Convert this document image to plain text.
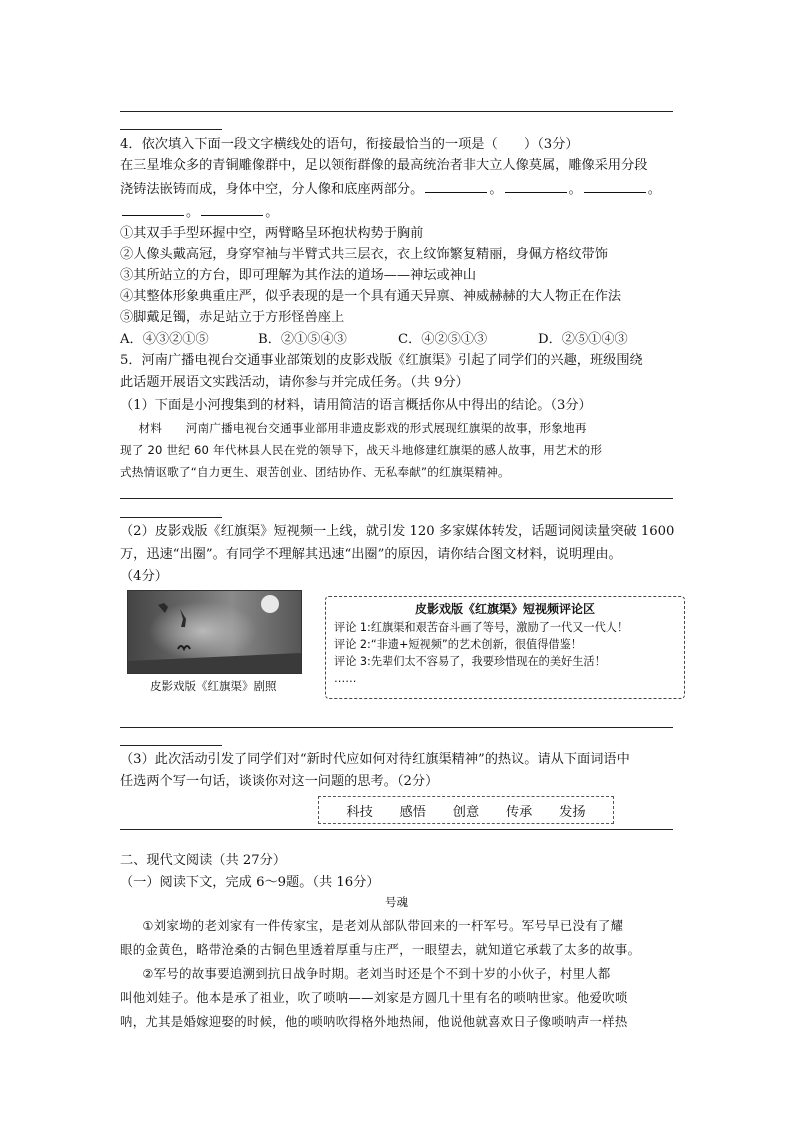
4．依次填入下面一段文字横线处的语句，衔接最恰当的一项是（　　）（3分）
在三星堆众多的青铜雕像群中，足以领衔群像的最高统治者非大立人像莫属，雕像采用分段
浇铸法嵌铸而成，身体中空，分人像和底座两部分。	。	。	。
。	。
①其双手手型环握中空，两臂略呈环抱状构势于胸前
②人像头戴高冠，身穿窄袖与半臂式共三层衣，衣上纹饰繁复精丽，身佩方格纹带饰
③其所站立的方台，即可理解为其作法的道场——神坛或神山
④其整体形象典重庄严，似乎表现的是一个具有通天异禀、神威赫赫的大人物正在作法
⑤脚戴足镯，赤足站立于方形怪兽座上
A．④③②①⑤	B．②①⑤④③	C．④②⑤①③	D．②⑤①④③
5．河南广播电视台交通事业部策划的皮影戏版《红旗渠》引起了同学们的兴趣，班级围绕
此话题开展语文实践活动，请你参与并完成任务。（共 9分）
（1）下面是小河搜集到的材料，请用简洁的语言概括你从中得出的结论。（3分）
材料　　河南广播电视台交通事业部用非遗皮影戏的形式展现红旗渠的故事，形象地再
现了 20 世纪 60 年代林县人民在党的领导下，战天斗地修建红旗渠的感人故事，用艺术的形
式热情讴歌了“自力更生、艰苦创业、团结协作、无私奉献”的红旗渠精神。
（2）皮影戏版《红旗渠》短视频一上线，就引发 120 多家媒体转发，话题词阅读量突破 1600
万，迅速“出圈”。有同学不理解其迅速“出圈”的原因，请你结合图文材料，说明理由。
（4分）
皮影戏版《红旗渠》剧照
皮影戏版《红旗渠》短视频评论区
评论 1:红旗渠和艰苦奋斗画了等号，激励了一代又一代人！
评论 2:“非遗+短视频”的艺术创新，很值得借鉴！
评论 3:先辈们太不容易了，我要珍惜现在的美好生活！
……
（3）此次活动引发了同学们对“新时代应如何对待红旗渠精神”的热议。请从下面词语中
任选两个写一句话，谈谈你对这一问题的思考。（2分）
科技 感悟 创意 传承 发扬
二、现代文阅读（共 27分）
（一）阅读下文，完成 6～9题。（共 16分）
号魂
①刘家坳的老刘家有一件传家宝，是老刘从部队带回来的一杆军号。军号早已没有了耀
眼的金黄色，略带沧桑的古铜色里透着厚重与庄严，一眼望去，就知道它承载了太多的故事。
②军号的故事要追溯到抗日战争时期。老刘当时还是个不到十岁的小伙子，村里人都
叫他刘娃子。他本是承了祖业，吹了唢呐——刘家是方圆几十里有名的唢呐世家。他爱吹唢
呐，尤其是婚嫁迎娶的时候，他的唢呐吹得格外地热闹，他说他就喜欢日子像唢呐声一样热
